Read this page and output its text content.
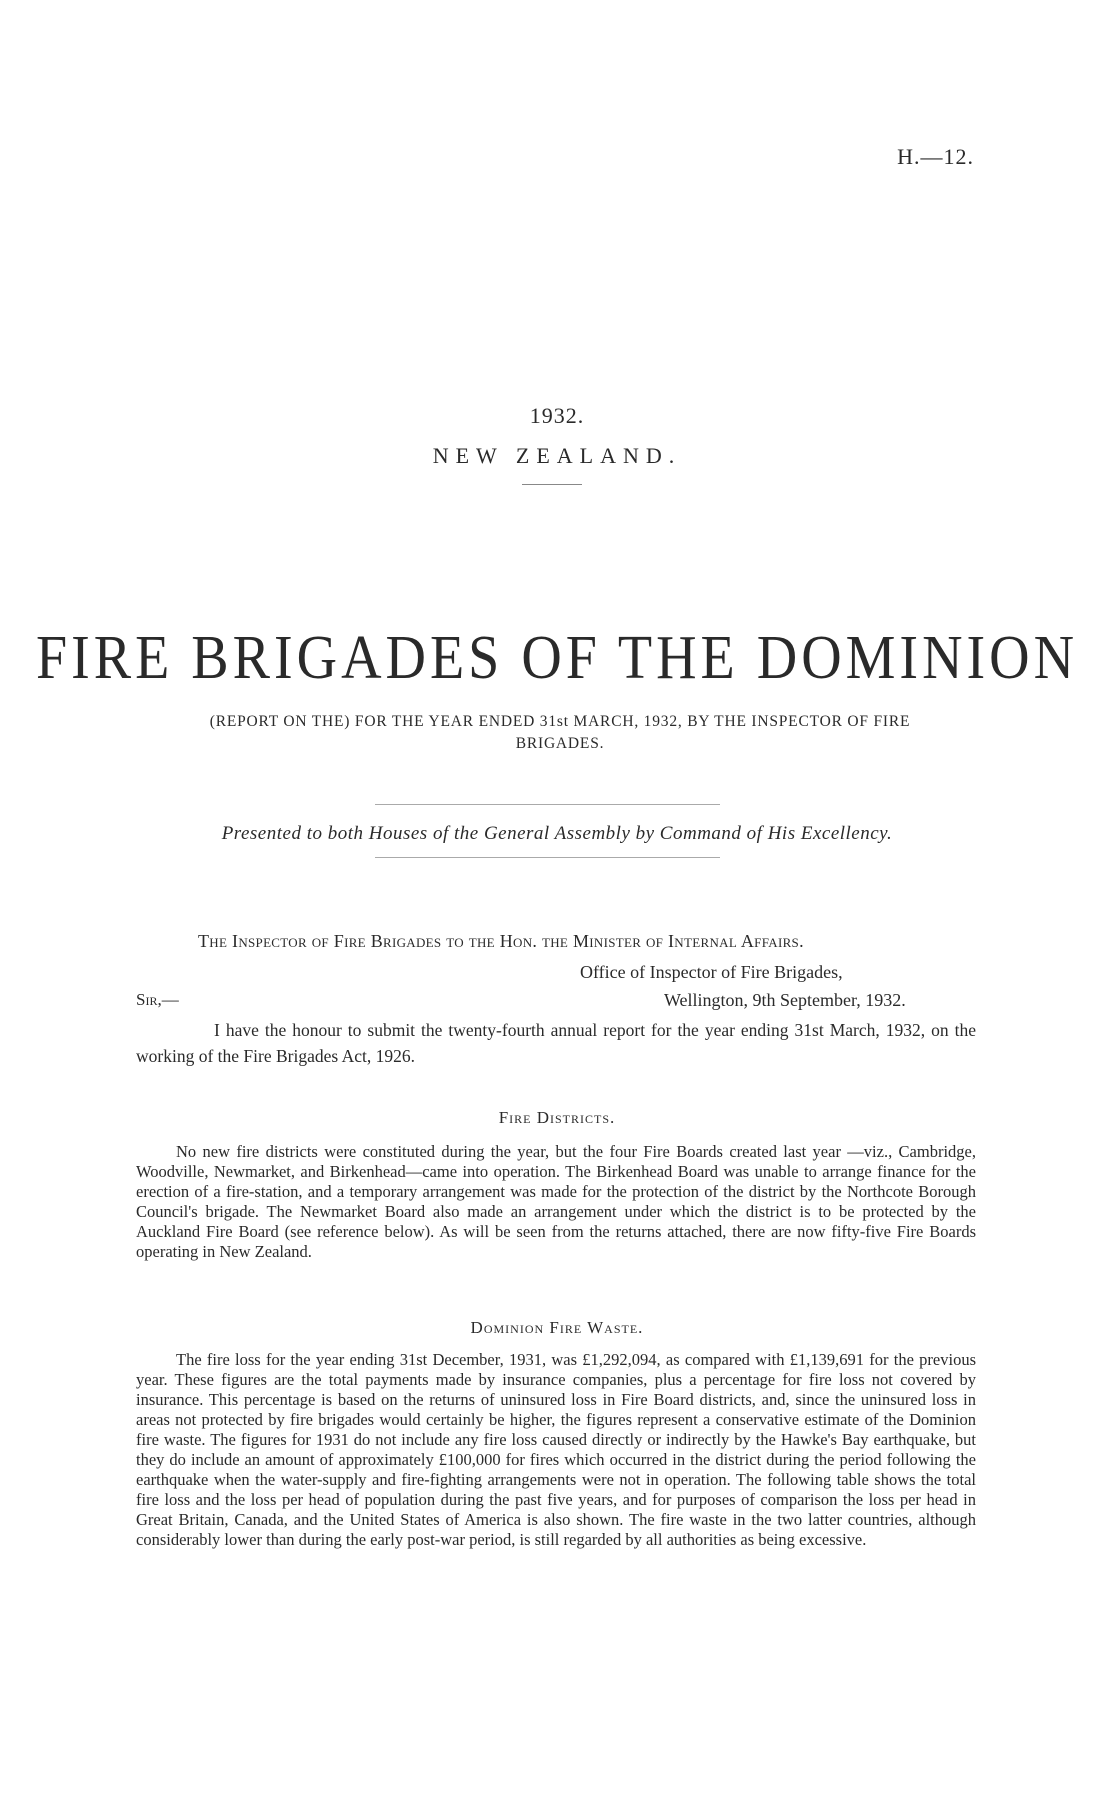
H.—12.
1932.
NEW ZEALAND.
FIRE BRIGADES OF THE DOMINION
(REPORT ON THE) FOR THE YEAR ENDED 31st MARCH, 1932, BY THE INSPECTOR OF FIRE BRIGADES.
Presented to both Houses of the General Assembly by Command of His Excellency.
The Inspector of Fire Brigades to the Hon. the Minister of Internal Affairs.
Office of Inspector of Fire Brigades,
Wellington, 9th September, 1932.
Sir,—

I have the honour to submit the twenty-fourth annual report for the year ending 31st March, 1932, on the working of the Fire Brigades Act, 1926.

Fire Districts.

No new fire districts were constituted during the year, but the four Fire Boards created last year —viz., Cambridge, Woodville, Newmarket, and Birkenhead—came into operation. The Birkenhead Board was unable to arrange finance for the erection of a fire-station, and a temporary arrangement was made for the protection of the district by the Northcote Borough Council's brigade. The Newmarket Board also made an arrangement under which the district is to be protected by the Auckland Fire Board (see reference below). As will be seen from the returns attached, there are now fifty-five Fire Boards operating in New Zealand.

Dominion Fire Waste.

The fire loss for the year ending 31st December, 1931, was £1,292,094, as compared with £1,139,691 for the previous year. These figures are the total payments made by insurance companies, plus a percentage for fire loss not covered by insurance. This percentage is based on the returns of uninsured loss in Fire Board districts, and, since the uninsured loss in areas not protected by fire brigades would certainly be higher, the figures represent a conservative estimate of the Dominion fire waste. The figures for 1931 do not include any fire loss caused directly or indirectly by the Hawke's Bay earthquake, but they do include an amount of approximately £100,000 for fires which occurred in the district during the period following the earthquake when the water-supply and fire-fighting arrangements were not in operation. The following table shows the total fire loss and the loss per head of population during the past five years, and for purposes of comparison the loss per head in Great Britain, Canada, and the United States of America is also shown. The fire waste in the two latter countries, although considerably lower than during the early post-war period, is still regarded by all authorities as being excessive.
